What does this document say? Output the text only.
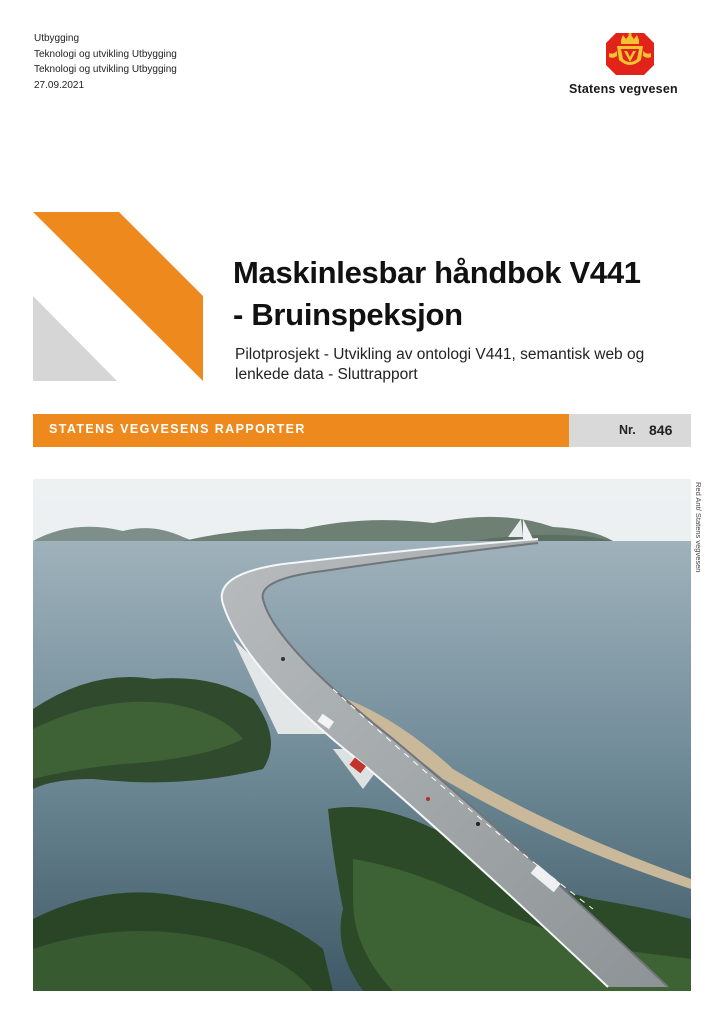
Utbygging
Teknologi og utvikling Utbygging
Teknologi og utvikling Utbygging
27.09.2021	Statens vegvesen
Maskinlesbar håndbok V441
- Bruinspeksjon
Pilotprosjekt - Utvikling av ontologi V441, semantisk web og
lenkede data - Sluttrapport
STATENS VEGVESENS RAPPORTER	Nr. 846
Red Ant/ Statens vegvesen
